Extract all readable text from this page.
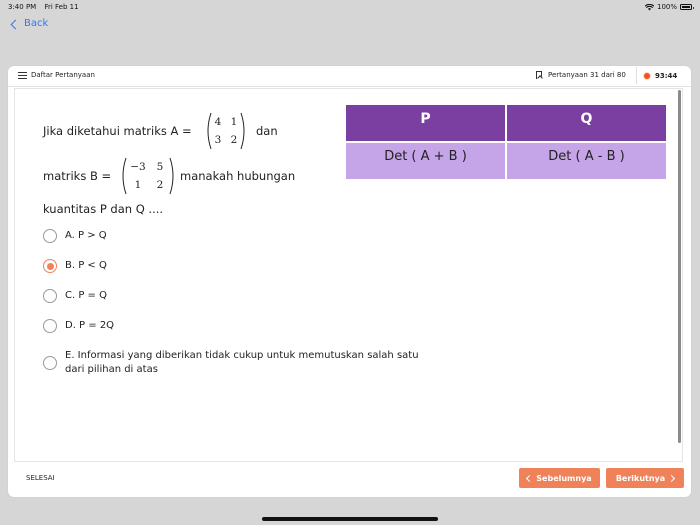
3:40 PM Fri Feb 11	100%
Back
Daftar Pertanyaan	Pertanyaan 31 dari 80	93:44
SELESAI	Sebelumnya	Berikutnya
Jika diketahui matriks A =
4 1
3 2
dan
matriks B =
−3	5
1	2
manakah hubungan
kuantitas P dan Q ....
P	Q
Det ( A + B )	Det ( A - B )
A. P > Q
B. P < Q
C. P = Q
D. P = 2Q
E. Informasi yang diberikan tidak cukup untuk memutuskan salah satu
dari pilihan di atas
